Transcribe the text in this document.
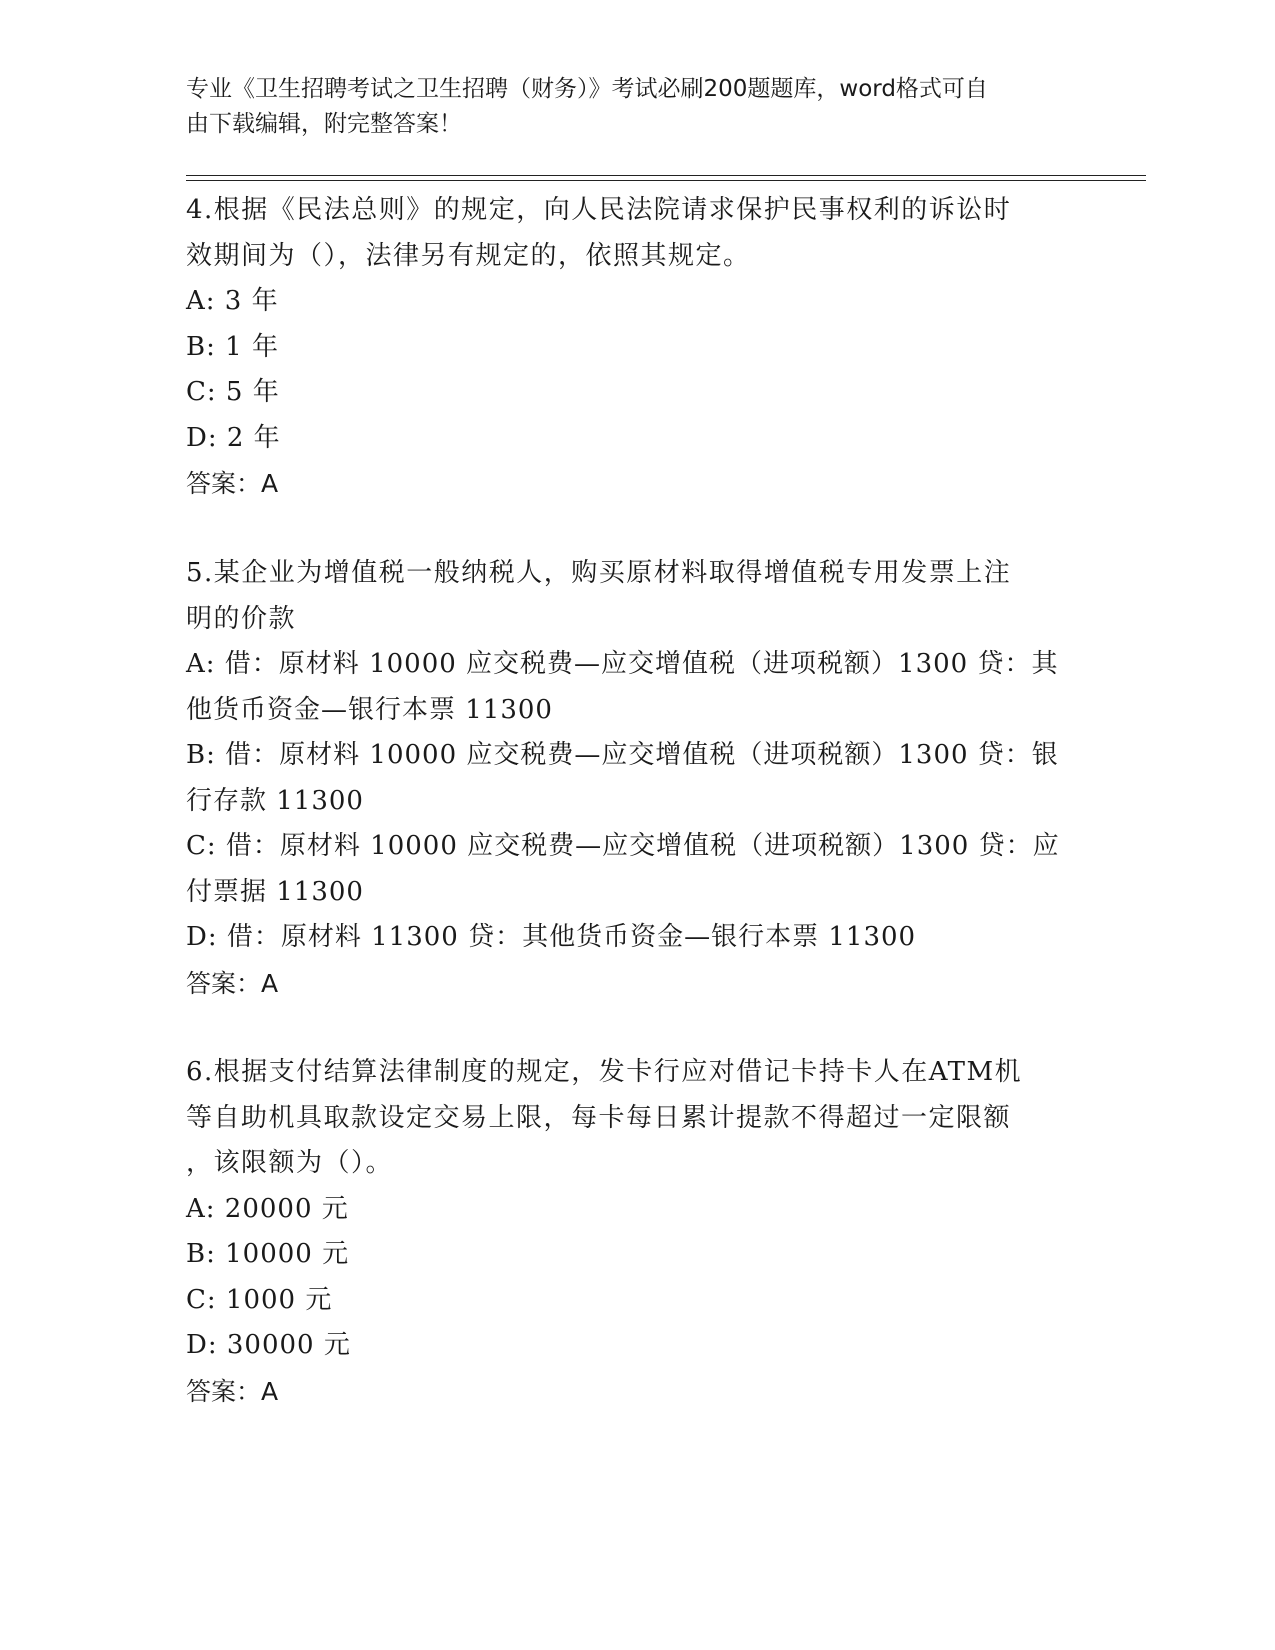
专业《卫生招聘考试之卫生招聘（财务）》考试必刷200题题库，word格式可自
由下载编辑，附完整答案！
4.根据《民法总则》的规定，向人民法院请求保护民事权利的诉讼时
效期间为（），法律另有规定的，依照其规定。
A: 3 年
B: 1 年
C: 5 年
D: 2 年
答案：A
5.某企业为增值税一般纳税人，购买原材料取得增值税专用发票上注
明的价款
A: 借：原材料 10000 应交税费—应交增值税（进项税额）1300 贷：其
他货币资金—银行本票 11300
B: 借：原材料 10000 应交税费—应交增值税（进项税额）1300 贷：银
行存款 11300
C: 借：原材料 10000 应交税费—应交增值税（进项税额）1300 贷：应
付票据 11300
D: 借：原材料 11300 贷：其他货币资金—银行本票 11300
答案：A
6.根据支付结算法律制度的规定，发卡行应对借记卡持卡人在ATM机
等自助机具取款设定交易上限，每卡每日累计提款不得超过一定限额
，该限额为（）。
A: 20000 元
B: 10000 元
C: 1000 元
D: 30000 元
答案：A
